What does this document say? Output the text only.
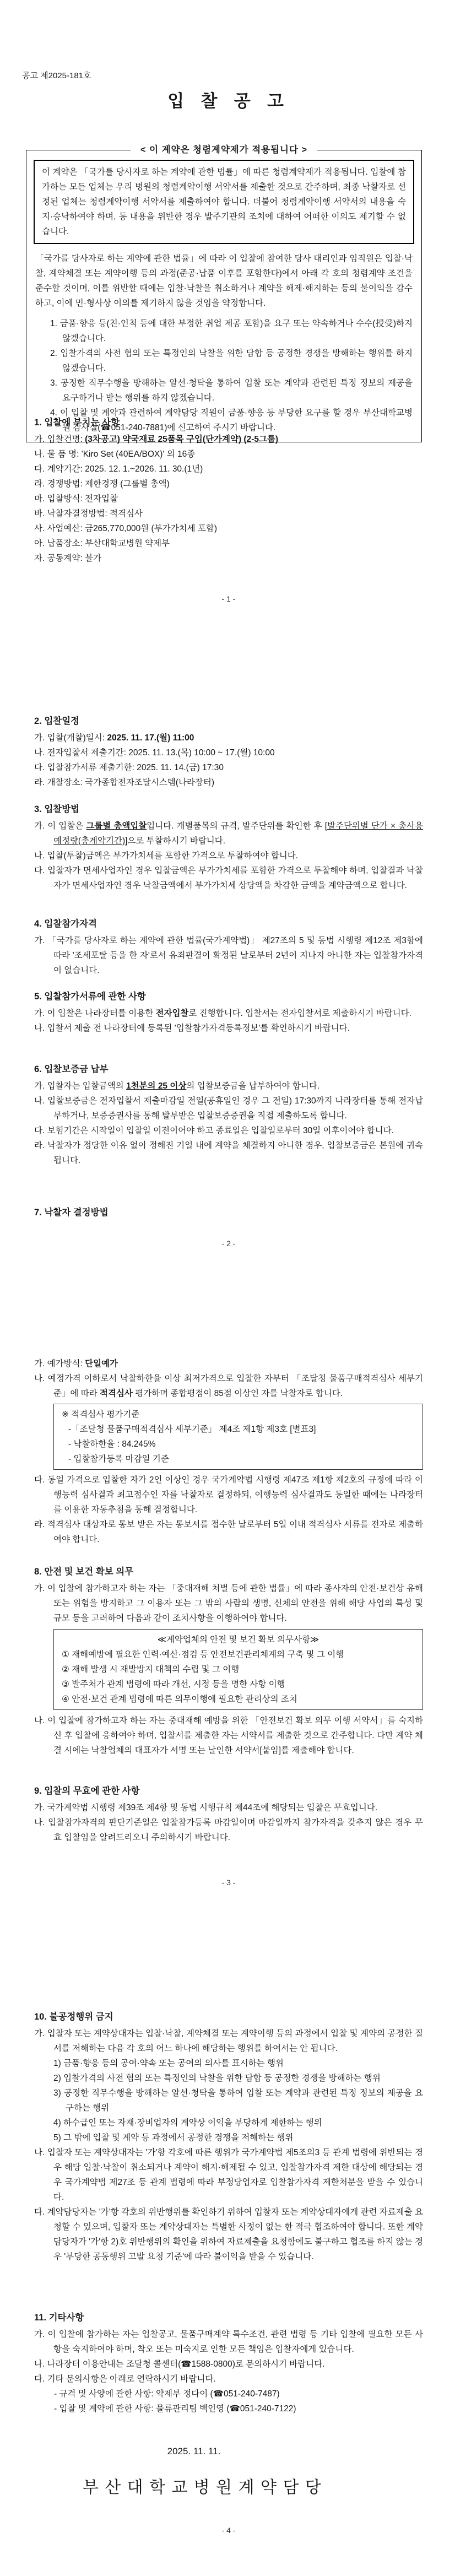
공고 제2025-181호
입 찰 공 고
< 이 계약은 청렴계약제가 적용됩니다 >
이 계약은 「국가를 당사자로 하는 계약에 관한 법률」에 따른 청렴계약제가 적용됩니다. 입찰에 참가하는 모든 업체는 우리 병원의 청렴계약이행 서약서를 제출한 것으로 간주하며, 최종 낙찰자로 선정된 업체는 청렴계약이행 서약서를 제출하여야 합니다. 더불어 청렴계약이행 서약서의 내용을 숙지·승낙하여야 하며, 동 내용을 위반한 경우 발주기관의 조치에 대하여 어떠한 이의도 제기할 수 없습니다.
「국가를 당사자로 하는 계약에 관한 법률」에 따라 이 입찰에 참여한 당사 대리인과 임직원은 입찰·낙찰, 계약체결 또는 계약이행 등의 과정(준공·납품 이후를 포함한다)에서 아래 각 호의 청렴계약 조건을 준수할 것이며, 이를 위반할 때에는 입찰·낙찰을 취소하거나 계약을 해제·해지하는 등의 불이익을 감수하고, 이에 민·형사상 이의를 제기하지 않을 것임을 약정합니다.
1. 금품·향응 등(친·인척 등에 대한 부정한 취업 제공 포함)을 요구 또는 약속하거나 수수(授受)하지 않겠습니다.
2. 입찰가격의 사전 협의 또는 특정인의 낙찰을 위한 담합 등 공정한 경쟁을 방해하는 행위를 하지 않겠습니다.
3. 공정한 직무수행을 방해하는 알선·청탁을 통하여 입찰 또는 계약과 관련된 특정 정보의 제공을 요구하거나 받는 행위를 하지 않겠습니다.
4. 이 입찰 및 계약과 관련하여 계약담당 직원이 금품·향응 등 부당한 요구를 할 경우 부산대학교병원 감사실(☎051-240-7881)에 신고하여 주시기 바랍니다.
1. 입찰에 부치는 사항
가. 입찰건명: (3차공고) 약국재료 25품목 구입(단가계약) (2-5그룹)
나. 물 품 명: 'Kiro Set (40EA/BOX)' 외 16종
다. 계약기간: 2025. 12. 1.~2026. 11. 30.(1년)
라. 경쟁방법: 제한경쟁 (그룹별 총액)
마. 입찰방식: 전자입찰
바. 낙찰자결정방법: 적격심사
사. 사업예산: 금265,770,000원 (부가가치세 포함)
아. 납품장소: 부산대학교병원 약제부
자. 공동계약: 불가
- 1 -
2. 입찰일정
가. 입찰(개찰)일시: 2025. 11. 17.(월) 11:00
나. 전자입찰서 제출기간: 2025. 11. 13.(목) 10:00 ~ 17.(월) 10:00
다. 입찰참가서류 제출기한: 2025. 11. 14.(금) 17:30
라. 개찰장소: 국가종합전자조달시스템(나라장터)
3. 입찰방법
가. 이 입찰은 그룹별 총액입찰입니다. 개별품목의 규격, 발주단위를 확인한 후 [발주단위별 단가 × 총사용예정량(총계약기간)]으로 투찰하시기 바랍니다.
나. 입찰(투찰)금액은 부가가치세를 포함한 가격으로 투찰하여야 합니다.
다. 입찰자가 면세사업자인 경우 입찰금액은 부가가치세를 포함한 가격으로 투찰해야 하며, 입찰결과 낙찰자가 면세사업자인 경우 낙찰금액에서 부가가치세 상당액을 차감한 금액을 계약금액으로 합니다.
4. 입찰참가자격
가. 「국가를 당사자로 하는 계약에 관한 법률(국가계약법)」 제27조의 5 및 동법 시행령 제12조 제3항에 따라 '조세포탈 등을 한 자'로서 유죄판결이 확정된 날로부터 2년이 지나지 아니한 자는 입찰참가자격이 없습니다.
5. 입찰참가서류에 관한 사항
가. 이 입찰은 나라장터를 이용한 전자입찰로 진행합니다. 입찰서는 전자입찰서로 제출하시기 바랍니다.
나. 입찰서 제출 전 나라장터에 등록된 '입찰참가자격등록정보'를 확인하시기 바랍니다.
6. 입찰보증금 납부
가. 입찰자는 입찰금액의 1천분의 25 이상의 입찰보증금을 납부하여야 합니다.
나. 입찰보증금은 전자입찰서 제출마감일 전일(공휴일인 경우 그 전일) 17:30까지 나라장터를 통해 전자납부하거나, 보증증권사를 통해 발부받은 입찰보증증권을 직접 제출하도록 합니다.
다. 보험기간은 시작일이 입찰일 이전이어야 하고 종료일은 입찰일로부터 30일 이후이어야 합니다.
라. 낙찰자가 정당한 이유 없이 정해진 기일 내에 계약을 체결하지 아니한 경우, 입찰보증금은 본원에 귀속됩니다.
7. 낙찰자 결정방법
- 2 -
가. 예가방식: 단일예가
나. 예정가격 이하로서 낙찰하한율 이상 최저가격으로 입찰한 자부터 「조달청 물품구매적격심사 세부기준」에 따라 적격심사 평가하며 종합평점이 85점 이상인 자를 낙찰자로 합니다.
※ 적격심사 평가기준
-「조달청 물품구매적격심사 세부기준」 제4조 제1항 제3호 [별표3]
- 낙찰하한율 : 84.245%
- 입찰참가등록 마감일 기준
다. 동일 가격으로 입찰한 자가 2인 이상인 경우 국가계약법 시행령 제47조 제1항 제2호의 규정에 따라 이행능력 심사결과 최고점수인 자를 낙찰자로 결정하되, 이행능력 심사결과도 동일한 때에는 나라장터를 이용한 자동추첨을 통해 결정합니다.
라. 적격심사 대상자로 통보 받은 자는 통보서를 접수한 날로부터 5일 이내 적격심사 서류를 전자로 제출하여야 합니다.
8. 안전 및 보건 확보 의무
가. 이 입찰에 참가하고자 하는 자는 「중대재해 처벌 등에 관한 법률」에 따라 종사자의 안전·보건상 유해 또는 위험을 방지하고 그 이용자 또는 그 밖의 사람의 생명, 신체의 안전을 위해 해당 사업의 특성 및 규모 등을 고려하여 다음과 같이 조치사항을 이행하여야 합니다.
≪계약업체의 안전 및 보건 확보 의무사항≫
① 재해예방에 필요한 인력·예산·점검 등 안전보건관리체계의 구축 및 그 이행
② 재해 발생 시 재발방지 대책의 수립 및 그 이행
③ 발주처가 관계 법령에 따라 개선, 시정 등을 명한 사항 이행
④ 안전·보건 관계 법령에 따른 의무이행에 필요한 관리상의 조치
나. 이 입찰에 참가하고자 하는 자는 중대재해 예방을 위한 「안전보건 확보 의무 이행 서약서」를 숙지하신 후 입찰에 응하여야 하며, 입찰서를 제출한 자는 서약서를 제출한 것으로 간주합니다. 다만 계약 체결 시에는 낙찰업체의 대표자가 서명 또는 날인한 서약서[붙임]를 제출해야 합니다.
9. 입찰의 무효에 관한 사항
가. 국가계약법 시행령 제39조 제4항 및 동법 시행규칙 제44조에 해당되는 입찰은 무효입니다.
나. 입찰참가자격의 판단기준일은 입찰참가등록 마감일이며 마감일까지 참가자격을 갖추지 않은 경우 무효 입찰임을 알려드리오니 주의하시기 바랍니다.
- 3 -
10. 불공정행위 금지
가. 입찰자 또는 계약상대자는 입찰·낙찰, 계약체결 또는 계약이행 등의 과정에서 입찰 및 계약의 공정한 질서를 저해하는 다음 각 호의 어느 하나에 해당하는 행위를 하여서는 안 됩니다.
1) 금품·향응 등의 공여·약속 또는 공여의 의사를 표시하는 행위
2) 입찰가격의 사전 협의 또는 특정인의 낙찰을 위한 담합 등 공정한 경쟁을 방해하는 행위
3) 공정한 직무수행을 방해하는 알선·청탁을 통하여 입찰 또는 계약과 관련된 특정 정보의 제공을 요구하는 행위
4) 하수급인 또는 자재·장비업자의 계약상 이익을 부당하게 제한하는 행위
5) 그 밖에 입찰 및 계약 등 과정에서 공정한 경쟁을 저해하는 행위
나. 입찰자 또는 계약상대자는 '가'항 각호에 따른 행위가 국가계약법 제5조의3 등 관계 법령에 위반되는 경우 해당 입찰·낙찰이 취소되거나 계약이 해지·해제될 수 있고, 입찰참가자격 제한 대상에 해당되는 경우 국가계약법 제27조 등 관계 법령에 따라 부정당업자로 입찰참가자격 제한처분을 받을 수 있습니다.
다. 계약담당자는 '가'항 각호의 위반행위를 확인하기 위하여 입찰자 또는 계약상대자에게 관련 자료제출 요청할 수 있으며, 입찰자 또는 계약상대자는 특별한 사정이 없는 한 적극 협조하여야 합니다. 또한 계약담당자가 '가'항 2)호 위반행위의 확인을 위하여 자료제출을 요청함에도 불구하고 협조를 하지 않는 경우 '부당한 공동행위 고발 요청 기준'에 따라 불이익을 받을 수 있습니다.
11. 기타사항
가. 이 입찰에 참가하는 자는 입찰공고, 물품구매계약 특수조건, 관련 법령 등 기타 입찰에 필요한 모든 사항을 숙지하여야 하며, 착오 또는 미숙지로 인한 모든 책임은 입찰자에게 있습니다.
나. 나라장터 이용안내는 조달청 콜센터(☎1588-0800)로 문의하시기 바랍니다.
다. 기타 문의사항은 아래로 연락하시기 바랍니다.
- 규격 및 사양에 관한 사항: 약제부 정다이 (☎051-240-7487)
- 입찰 및 계약에 관한 사항: 물류관리팀 백인영 (☎051-240-7122)
2025. 11. 11.
부산대학교병원계약담당
- 4 -
